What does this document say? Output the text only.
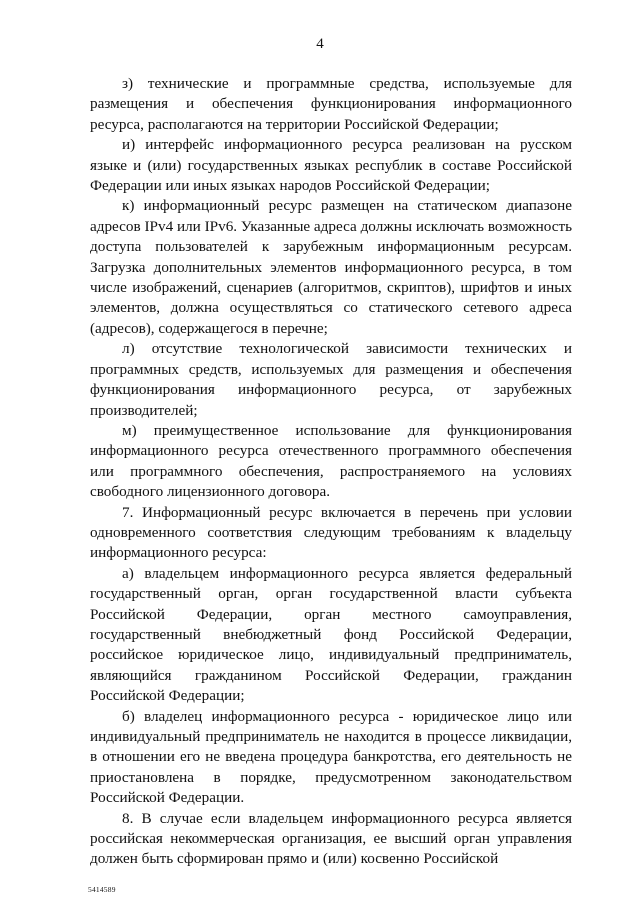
4

з) технические и программные средства, используемые для размещения и обеспечения функционирования информационного ресурса, располагаются на территории Российской Федерации;

и) интерфейс информационного ресурса реализован на русском языке и (или) государственных языках республик в составе Российской Федерации или иных языках народов Российской Федерации;

к) информационный ресурс размещен на статическом диапазоне адресов IPv4 или IPv6. Указанные адреса должны исключать возможность доступа пользователей к зарубежным информационным ресурсам. Загрузка дополнительных элементов информационного ресурса, в том числе изображений, сценариев (алгоритмов, скриптов), шрифтов и иных элементов, должна осуществляться со статического сетевого адреса (адресов), содержащегося в перечне;

л) отсутствие технологической зависимости технических и программных средств, используемых для размещения и обеспечения функционирования информационного ресурса, от зарубежных производителей;

м) преимущественное использование для функционирования информационного ресурса отечественного программного обеспечения или программного обеспечения, распространяемого на условиях свободного лицензионного договора.

7. Информационный ресурс включается в перечень при условии одновременного соответствия следующим требованиям к владельцу информационного ресурса:

а) владельцем информационного ресурса является федеральный государственный орган, орган государственной власти субъекта Российской Федерации, орган местного самоуправления, государственный внебюджетный фонд Российской Федерации, российское юридическое лицо, индивидуальный предприниматель, являющийся гражданином Российской Федерации, гражданин Российской Федерации;

б) владелец информационного ресурса - юридическое лицо или индивидуальный предприниматель не находится в процессе ликвидации, в отношении его не введена процедура банкротства, его деятельность не приостановлена в порядке, предусмотренном законодательством Российской Федерации.

8. В случае если владельцем информационного ресурса является российская некоммерческая организация, ее высший орган управления должен быть сформирован прямо и (или) косвенно Российской

5414589
